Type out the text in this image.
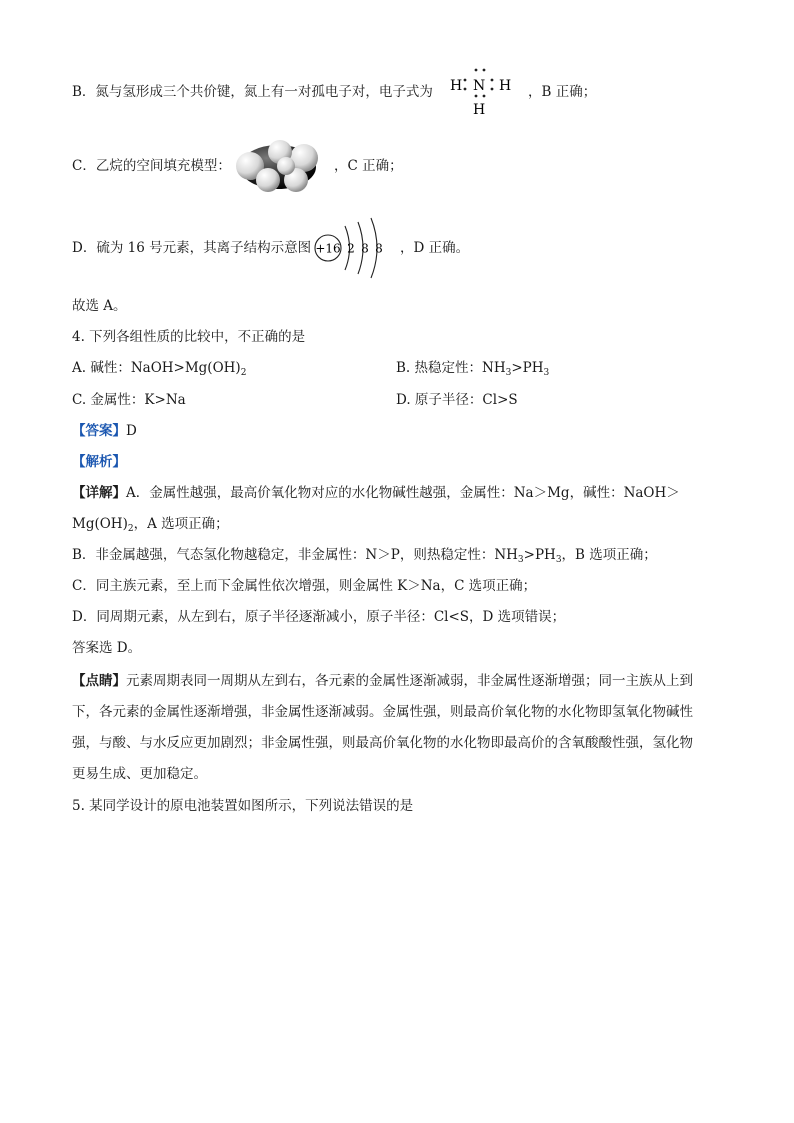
B．氮与氢形成三个共价键，氮上有一对孤电子对，电子式为 H N H
H
，B 正确；
C．乙烷的空间填充模型：	，C 正确；
D．硫为 16 号元素，其离子结构示意图 +16 2 8 8 ，D 正确。
故选 A。
4. 下列各组性质的比较中，不正确的是
A. 碱性：$NaOH>Mg(OH)_2$	B. 热稳定性：$NH_3>PH_3$
C. 金属性：K>Na	D. 原子半径：Cl>S
【答案】D
【解析】
【详解】A．金属性越强，最高价氧化物对应的水化物碱性越强，金属性：Na＞Mg，碱性：NaOH＞
$Mg(OH)_2$，A 选项正确；
B．非金属越强，气态氢化物越稳定，非金属性：N＞P，则热稳定性：$NH_3>PH_3$，B 选项正确；
C．同主族元素，至上而下金属性依次增强，则金属性 K＞Na，C 选项正确；
D．同周期元素，从左到右，原子半径逐渐减小，原子半径：Cl<S，D 选项错误；
答案选 D。
【点睛】元素周期表同一周期从左到右，各元素的金属性逐渐减弱，非金属性逐渐增强；同一主族从上到
下，各元素的金属性逐渐增强，非金属性逐渐减弱。金属性强，则最高价氧化物的水化物即氢氧化物碱性
强，与酸、与水反应更加剧烈；非金属性强，则最高价氧化物的水化物即最高价的含氧酸酸性强，氢化物
更易生成、更加稳定。
5. 某同学设计的原电池装置如图所示，下列说法错误的是
